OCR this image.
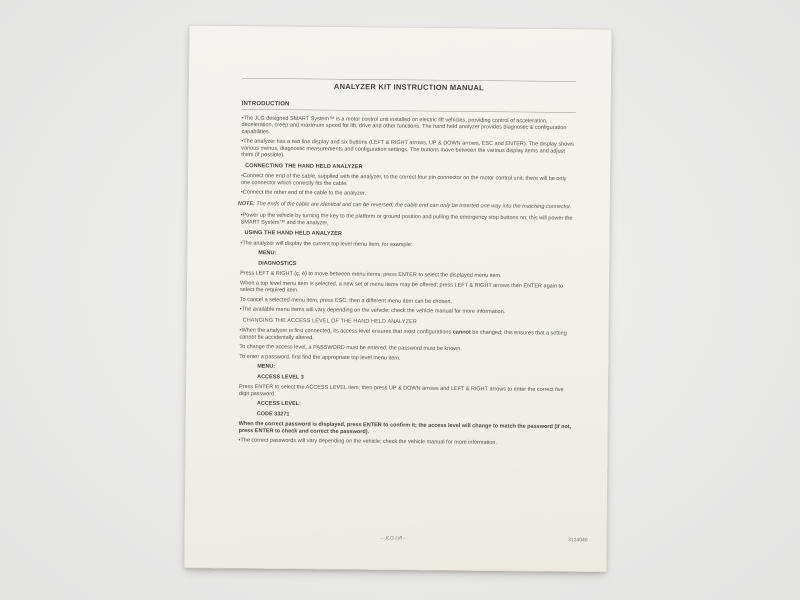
ANALYZER KIT INSTRUCTION MANUAL
INTRODUCTION
•The JLG designed SMART System™ is a motor control unit installed on electric lift vehicles, providing control of acceleration, deceleration, creep and maximum speed for lift, drive and other functions. The hand held analyzer provides diagnostic & configuration capabilities.
•The analyzer has a two line display and six buttons (LEFT & RIGHT arrows, UP & DOWN arrows, ESC and ENTER). The display shows various menus, diagnostic measurements and configuration settings. The buttons move between the various display items and adjust them (if possible).
CONNECTING THE HAND HELD ANALYZER
•Connect one end of the cable, supplied with the analyzer, to the correct four pin connector on the motor control unit; there will be only one connector which correctly fits the cable.
•Connect the other end of the cable to the analyzer.
NOTE: The ends of the cable are identical and can be reversed; the cable end can only be inserted one way into the matching connector.
•Power up the vehicle by turning the key to the platform or ground position and pulling the emergency stop buttons on; this will power the SMART System™ and the analyzer.
USING THE HAND HELD ANALYZER
•The analyzer will display the current top level menu item; for example:
MENU:
DIAGNOSTICS
Press LEFT & RIGHT (ç, è) to move between menu items; press ENTER to select the displayed menu item.
When a top level menu item is selected, a new set of menu items may be offered; press LEFT & RIGHT arrows then ENTER again to select the required item.
To cancel a selected menu item, press ESC; then a different menu item can be chosen.
•The available menu items will vary depending on the vehicle; check the vehicle manual for more information.
CHANGING THE ACCESS LEVEL OF THE HAND HELD ANALYZER
•When the analyzer is first connected, its access level ensures that most configurations cannot be changed; this ensures that a setting cannot be accidentally altered.
To change the access level, a PASSWORD must be entered; the password must be known.
To enter a password, first find the appropriate top level menu item:
MENU:
ACCESS LEVEL 3
Press ENTER to select the ACCESS LEVEL item; then press UP & DOWN arrows and LEFT & RIGHT arrows to enter the correct five digit password:
ACCESS LEVEL:
CODE 33271
When the correct password is displayed, press ENTER to confirm it; the access level will change to match the password (if not, press ENTER to check and correct the password).
•The correct passwords will vary depending on the vehicle; check the vehicle manual for more information.
– JLG Lift –	3124040
